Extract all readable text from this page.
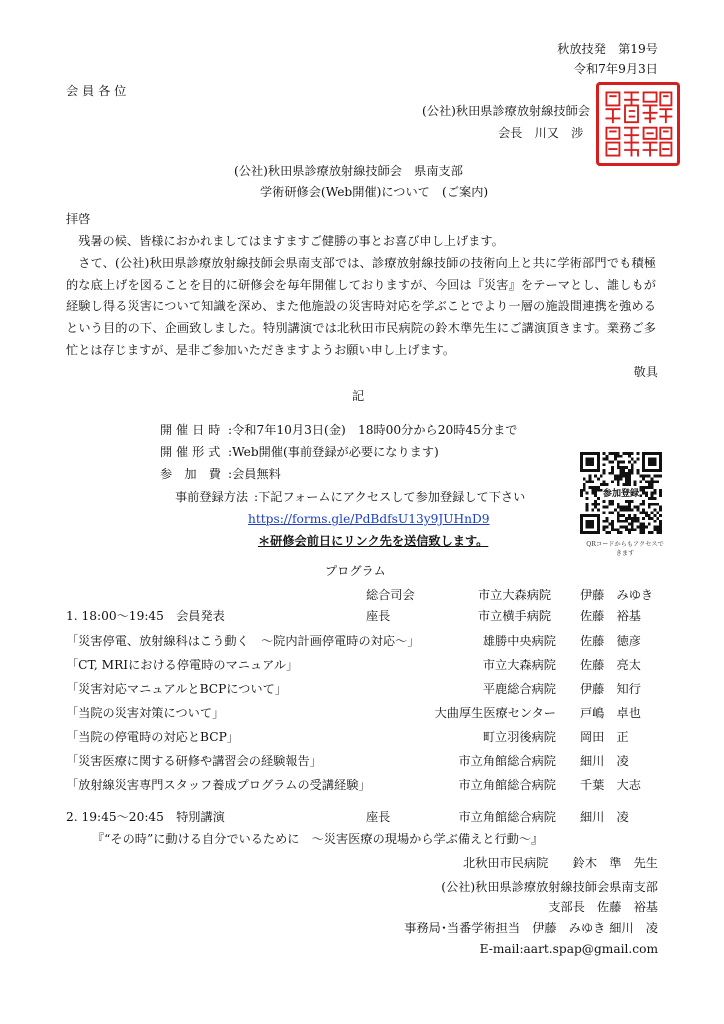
秋放技発　第19号
令和7年9月3日
会 員 各 位
(公社)秋田県診療放射線技師会
会長　川又　涉
(公社)秋田県診療放射線技師会　県南支部
学術研修会(Web開催)について　(ご案内)
拝啓

残暑の候、皆様におかれましてはますますご健勝の事とお喜び申し上げます。

さて、(公社)秋田県診療放射線技師会県南支部では、診療放射線技師の技術向上と共に学術部門でも積極的な底上げを図ることを目的に研修会を毎年開催しておりますが、今回は『災害』をテーマとし、誰しもが経験し得る災害について知識を深め、また他施設の災害時対応を学ぶことでより一層の施設間連携を強めるという目的の下、企画致しました。特別講演では北秋田市民病院の鈴木準先生にご講演頂きます。業務ご多忙とは存じますが、是非ご参加いただきますようお願い申し上げます。

敬具
記
開 催 日 時 :令和7年10月3日(金)　18時00分から20時45分まで
開 催 形 式 :Web開催(事前登録が必要になります)
参　加　費 :会員無料
事前登録方法 :下記フォームにアクセスして参加登録して下さい
https://forms.gle/PdBdfsU13y9JUHnD9
＊研修会前日にリンク先を送信致します。
参加登録
QRコードからもアクセスできます
プログラム
総合司会	市立大森病院 伊藤　みゆき
1. 18:00～19:45　会員発表	座長	市立横手病院 佐藤　裕基
「災害停電、放射線科はこう動く　～院内計画停電時の対応～」	雄勝中央病院 佐藤　徳彦
「CT, MRIにおける停電時のマニュアル」	市立大森病院 佐藤　亮太
「災害対応マニュアルとBCPについて」	平鹿総合病院 伊藤　知行
「当院の災害対策について」	大曲厚生医療センター 戸嶋　卓也
「当院の停電時の対応とBCP」	町立羽後病院 岡田　正
「災害医療に関する研修や講習会の経験報告」	市立角館総合病院 細川　凌
「放射線災害専門スタッフ養成プログラムの受講経験」	市立角館総合病院 千葉　大志
2. 19:45～20:45　特別講演	座長	市立角館総合病院 細川　凌
『“その時”に動ける自分でいるために　～災害医療の現場から学ぶ備えと行動～』
北秋田市民病院　　鈴木　準　先生
(公社)秋田県診療放射線技師会県南支部
支部長　佐藤　裕基
事務局･当番学術担当　伊藤　みゆき 細川　凌
E-mail:aart.spap@gmail.com
